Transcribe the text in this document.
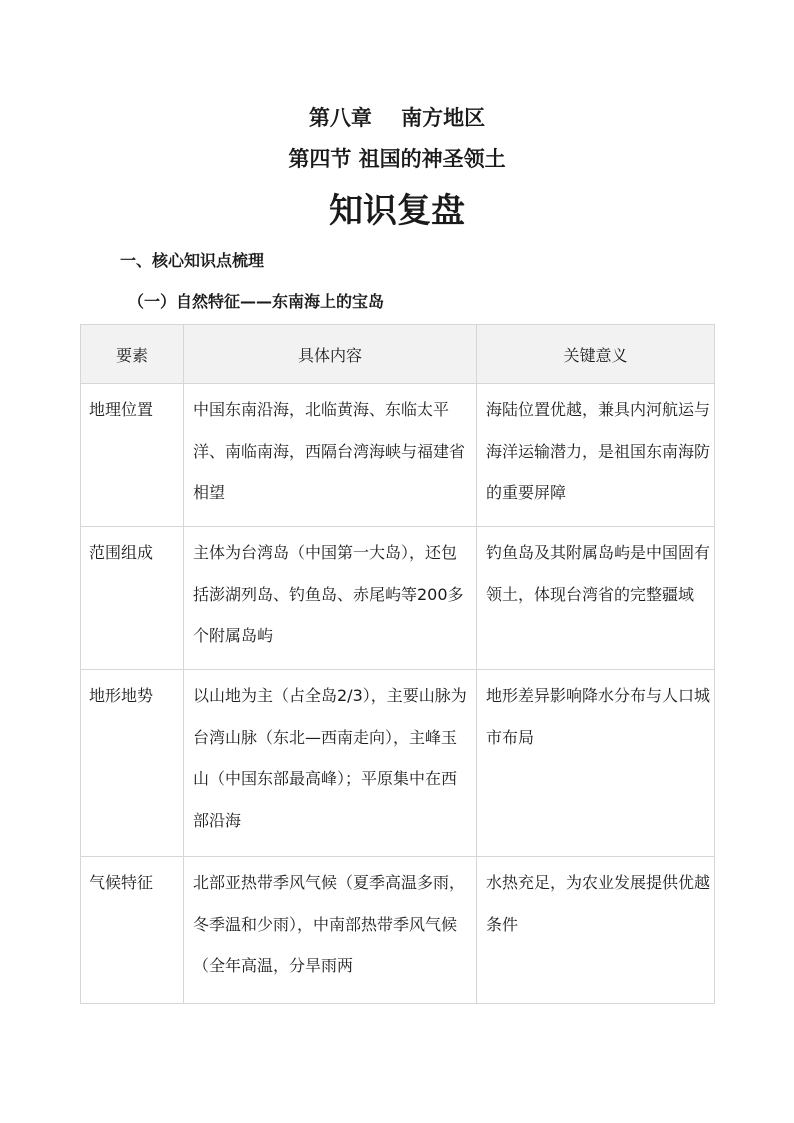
第八章    南方地区
第四节 祖国的神圣领土
知识复盘
一、核心知识点梳理
（一）自然特征——东南海上的宝岛
要素	具体内容	关键意义

地理位置	中国东南沿海，北临黄海、东临太平洋、南临南海，西隔台湾海峡与福建省相望	海陆位置优越，兼具内河航运与海洋运输潜力，是祖国东南海防的重要屏障

范围组成	主体为台湾岛（中国第一大岛），还包括澎湖列岛、钓鱼岛、赤尾屿等200多个附属岛屿	钓鱼岛及其附属岛屿是中国固有领土，体现台湾省的完整疆域

地形地势	以山地为主（占全岛2/3），主要山脉为台湾山脉（东北—西南走向），主峰玉山（中国东部最高峰）；平原集中在西部沿海	地形差异影响降水分布与人口城市布局

气候特征	北部亚热带季风气候（夏季高温多雨，冬季温和少雨），中南部热带季风气候（全年高温，分旱雨两	水热充足，为农业发展提供优越条件
